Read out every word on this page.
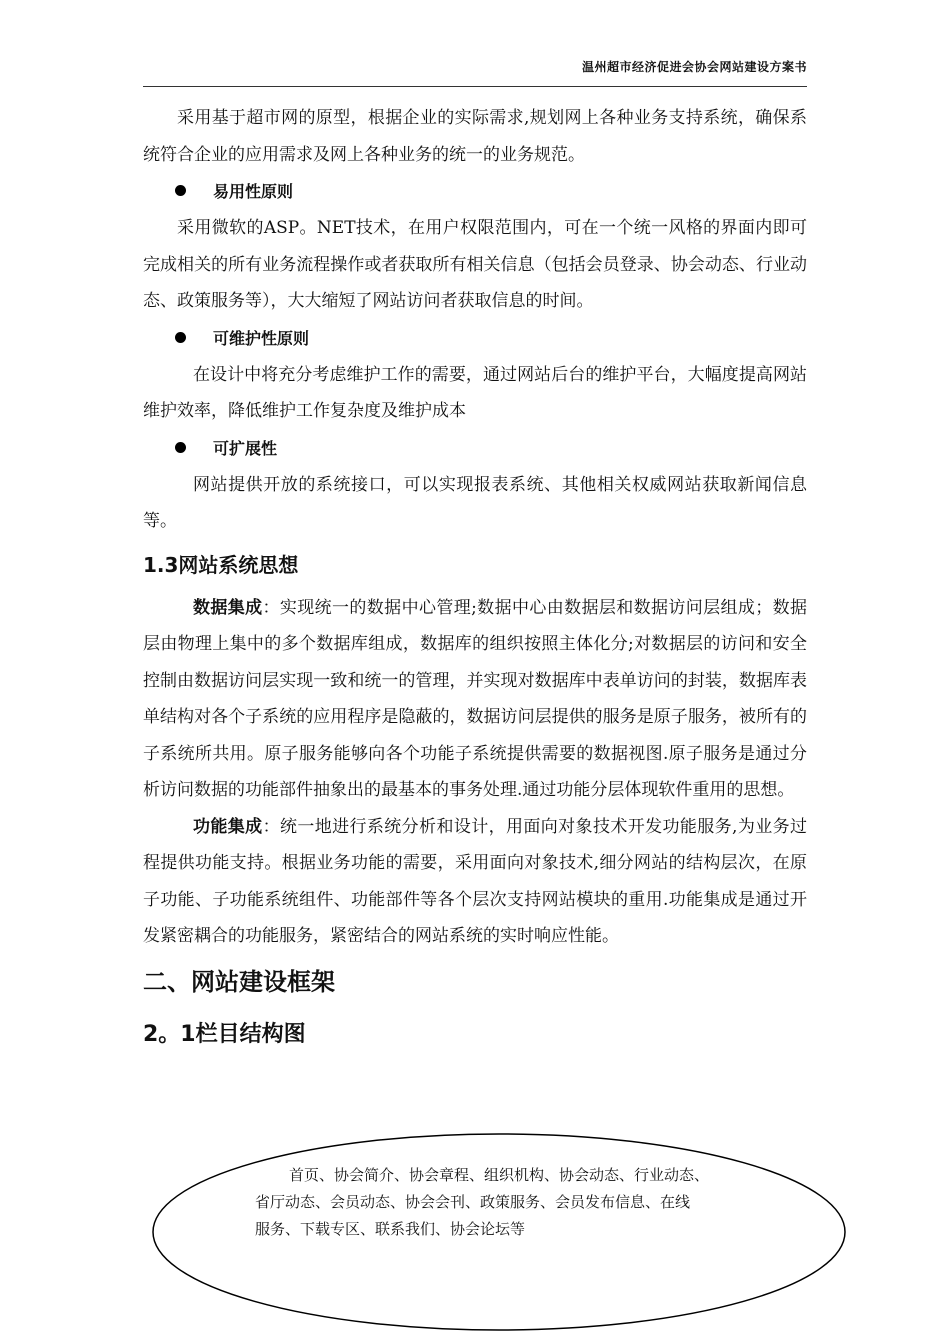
温州超市经济促进会协会网站建设方案书

采用基于超市网的原型，根据企业的实际需求,规划网上各种业务支持系统，确保系统符合企业的应用需求及网上各种业务的统一的业务规范。

易用性原则

采用微软的ASP。NET技术，在用户权限范围内，可在一个统一风格的界面内即可完成相关的所有业务流程操作或者获取所有相关信息（包括会员登录、协会动态、行业动态、政策服务等），大大缩短了网站访问者获取信息的时间。

可维护性原则

在设计中将充分考虑维护工作的需要，通过网站后台的维护平台，大幅度提高网站维护效率，降低维护工作复杂度及维护成本

可扩展性

网站提供开放的系统接口，可以实现报表系统、其他相关权威网站获取新闻信息等。

1.3网站系统思想

数据集成：实现统一的数据中心管理;数据中心由数据层和数据访问层组成；数据层由物理上集中的多个数据库组成，数据库的组织按照主体化分;对数据层的访问和安全控制由数据访问层实现一致和统一的管理，并实现对数据库中表单访问的封装，数据库表单结构对各个子系统的应用程序是隐蔽的，数据访问层提供的服务是原子服务，被所有的子系统所共用。原子服务能够向各个功能子系统提供需要的数据视图.原子服务是通过分析访问数据的功能部件抽象出的最基本的事务处理.通过功能分层体现软件重用的思想。

功能集成：统一地进行系统分析和设计，用面向对象技术开发功能服务,为业务过程提供功能支持。根据业务功能的需要，采用面向对象技术,细分网站的结构层次，在原子功能、子功能系统组件、功能部件等各个层次支持网站模块的重用.功能集成是通过开发紧密耦合的功能服务，紧密结合的网站系统的实时响应性能。

二、网站建设框架
2。1栏目结构图
首页、协会简介、协会章程、组织机构、协会动态、行业动态、
省厅动态、会员动态、协会会刊、政策服务、会员发布信息、在线
服务、下载专区、联系我们、协会论坛等
